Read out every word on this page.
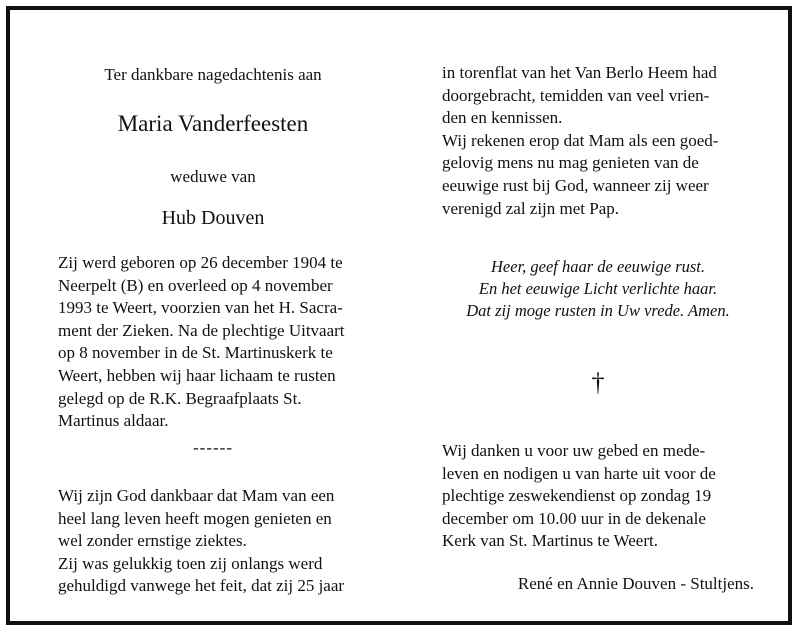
Ter dankbare nagedachtenis aan
Maria Vanderfeesten
weduwe van
Hub Douven
Zij werd geboren op 26 december 1904 te
Neerpelt (B) en overleed op 4 november
1993 te Weert, voorzien van het H. Sacra-
ment der Zieken. Na de plechtige Uitvaart
op 8 november in de St. Martinuskerk te
Weert, hebben wij haar lichaam te rusten
gelegd op de R.K. Begraafplaats St.
Martinus aldaar.
------
Wij zijn God dankbaar dat Mam van een
heel lang leven heeft mogen genieten en
wel zonder ernstige ziektes.
Zij was gelukkig toen zij onlangs werd
gehuldigd vanwege het feit, dat zij 25 jaar
in torenflat van het Van Berlo Heem had
doorgebracht, temidden van veel vrien-
den en kennissen.
Wij rekenen erop dat Mam als een goed-
gelovig mens nu mag genieten van de
eeuwige rust bij God, wanneer zij weer
verenigd zal zijn met Pap.
Heer, geef haar de eeuwige rust.
En het eeuwige Licht verlichte haar.
Dat zij moge rusten in Uw vrede. Amen.
†
Wij danken u voor uw gebed en mede-
leven en nodigen u van harte uit voor de
plechtige zeswekendienst op zondag 19
december om 10.00 uur in de dekenale
Kerk van St. Martinus te Weert.
René en Annie Douven - Stultjens.
